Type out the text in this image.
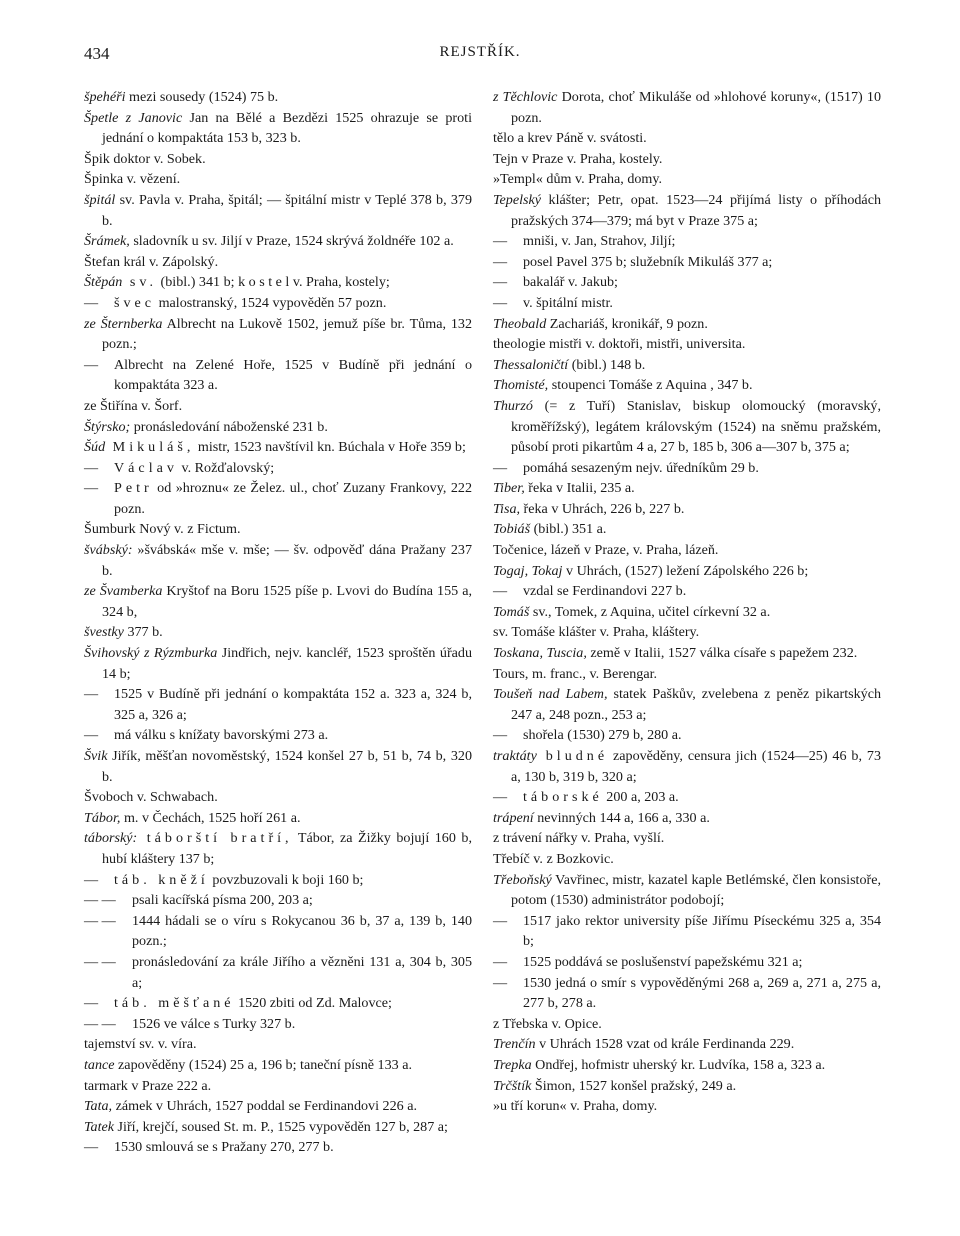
434	REJSTŘÍK.

špehéři mezi sousedy (1524) 75 b.

Špetle z Janovic Jan na Bělé a Bezdězi 1525 ohrazuje se proti jednání o kompaktáta 153 b, 323 b.

Špik doktor v. Sobek.

Špinka v. vězení.

špitál sv. Pavla v. Praha, špitál; — špitální mistr v Teplé 378 b, 379 b.

Šrámek, sladovník u sv. Jiljí v Praze, 1524 skrývá žoldnéře 102 a.

Štefan král v. Zápolský.

Štěpán sv. (bibl.) 341 b; k o s t e l v. Praha, kostely;

— švec malostranský, 1524 vypověděn 57 pozn.

ze Šternberka Albrecht na Lukově 1502, jemuž píše br. Tůma, 132 pozn.;

— Albrecht na Zelené Hoře, 1525 v Budíně při jednání o kompaktáta 323 a.

ze Štiřína v. Šorf.

Štýrsko; pronásledování náboženské 231 b.

Šúd Mikuláš, mistr, 1523 navštívil kn. Búchala v Hoře 359 b;

— Václav v. Rožďalovský;

— Petr od »hroznu« ze Želez. ul., choť Zuzany Frankovy, 222 pozn.

Šumburk Nový v. z Fictum.

švábský: »švábská« mše v. mše; — šv. odpověď dána Pražany 237 b.

ze Švamberka Kryštof na Boru 1525 píše p. Lvovi do Budína 155 a, 324 b,

švestky 377 b.

Švihovský z Rýzmburka Jindřich, nejv. kancléř, 1523 sproštěn úřadu 14 b;

— 1525 v Budíně při jednání o kompaktáta 152 a. 323 a, 324 b, 325 a, 326 a;

— má válku s knížaty bavorskými 273 a.

Švik Jiřík, měšťan novoměstský, 1524 konšel 27 b, 51 b, 74 b, 320 b.

Švoboch v. Schwabach.

Tábor, m. v Čechách, 1525 hoří 261 a.

táborský: táborští bratří, Tábor, za Žižky bojují 160 b, hubí kláštery 137 b;

— táb. kněží povzbuzovali k boji 160 b;

— — psali kacířská písma 200, 203 a;

— — 1444 hádali se o víru s Rokycanou 36 b, 37 a, 139 b, 140 pozn.;

— — pronásledování za krále Jiřího a vězněni 131 a, 304 b, 305 a;

— táb. měšťané 1520 zbiti od Zd. Malovce;

— — 1526 ve válce s Turky 327 b.

tajemství sv. v. víra.

tance zapověděny (1524) 25 a, 196 b; taneční písně 133 a.

tarmark v Praze 222 a.

Tata, zámek v Uhrách, 1527 poddal se Ferdinandovi 226 a.

Tatek Jiří, krejčí, soused St. m. P., 1525 vypověděn 127 b, 287 a;

— 1530 smlouvá se s Pražany 270, 277 b.

z Těchlovic Dorota, choť Mikuláše od »hlohové koruny«, (1517) 10 pozn.

tělo a krev Páně v. svátosti.

Tejn v Praze v. Praha, kostely.

»Templ« dům v. Praha, domy.

Tepelský klášter; Petr, opat. 1523—24 přijímá listy o příhodách pražských 374—379; má byt v Praze 375 a;

— mniši, v. Jan, Strahov, Jiljí;

— posel Pavel 375 b; služebník Mikuláš 377 a;

— bakalář v. Jakub;

— v. špitální mistr.

Theobald Zachariáš, kronikář, 9 pozn.

theologie mistři v. doktoři, mistři, universita.

Thessaloničtí (bibl.) 148 b.

Thomisté, stoupenci Tomáše z Aquina , 347 b.

Thurzó (= z Tuří) Stanislav, biskup olomoucký (moravský, kroměřížský), legátem královským (1524) na sněmu pražském, působí proti pikartům 4 a, 27 b, 185 b, 306 a—307 b, 375 a;

— pomáhá sesazeným nejv. úředníkům 29 b.

Tiber, řeka v Italii, 235 a.

Tisa, řeka v Uhrách, 226 b, 227 b.

Tobiáš (bibl.) 351 a.

Točenice, lázeň v Praze, v. Praha, lázeň.

Togaj, Tokaj v Uhrách, (1527) ležení Zápolského 226 b;

— vzdal se Ferdinandovi 227 b.

Tomáš sv., Tomek, z Aquina, učitel církevní 32 a.

sv. Tomáše klášter v. Praha, kláštery.

Toskana, Tuscia, země v Italii, 1527 válka císaře s papežem 232.

Tours, m. franc., v. Berengar.

Toušeň nad Labem, statek Paškův, zvelebena z peněz pikartských 247 a, 248 pozn., 253 a;

— shořela (1530) 279 b, 280 a.

traktáty bludné zapověděny, censura jich (1524—25) 46 b, 73 a, 130 b, 319 b, 320 a;

— táborské 200 a, 203 a.

trápení nevinných 144 a, 166 a, 330 a.

z trávení nářky v. Praha, vyšlí.

Třebíč v. z Bozkovic.

Třeboňský Vavřinec, mistr, kazatel kaple Betlémské, člen konsistoře, potom (1530) administrátor podobojí;

— 1517 jako rektor university píše Jiřímu Píseckému 325 a, 354 b;

— 1525 poddává se poslušenství papežskému 321 a;

— 1530 jedná o smír s vypověděnými 268 a, 269 a, 271 a, 275 a, 277 b, 278 a.

z Třebska v. Opice.

Trenčín v Uhrách 1528 vzat od krále Ferdinanda 229.

Trepka Ondřej, hofmistr uherský kr. Ludvíka, 158 a, 323 a.

Trčštík Šimon, 1527 konšel pražský, 249 a.

»u tří korun« v. Praha, domy.
